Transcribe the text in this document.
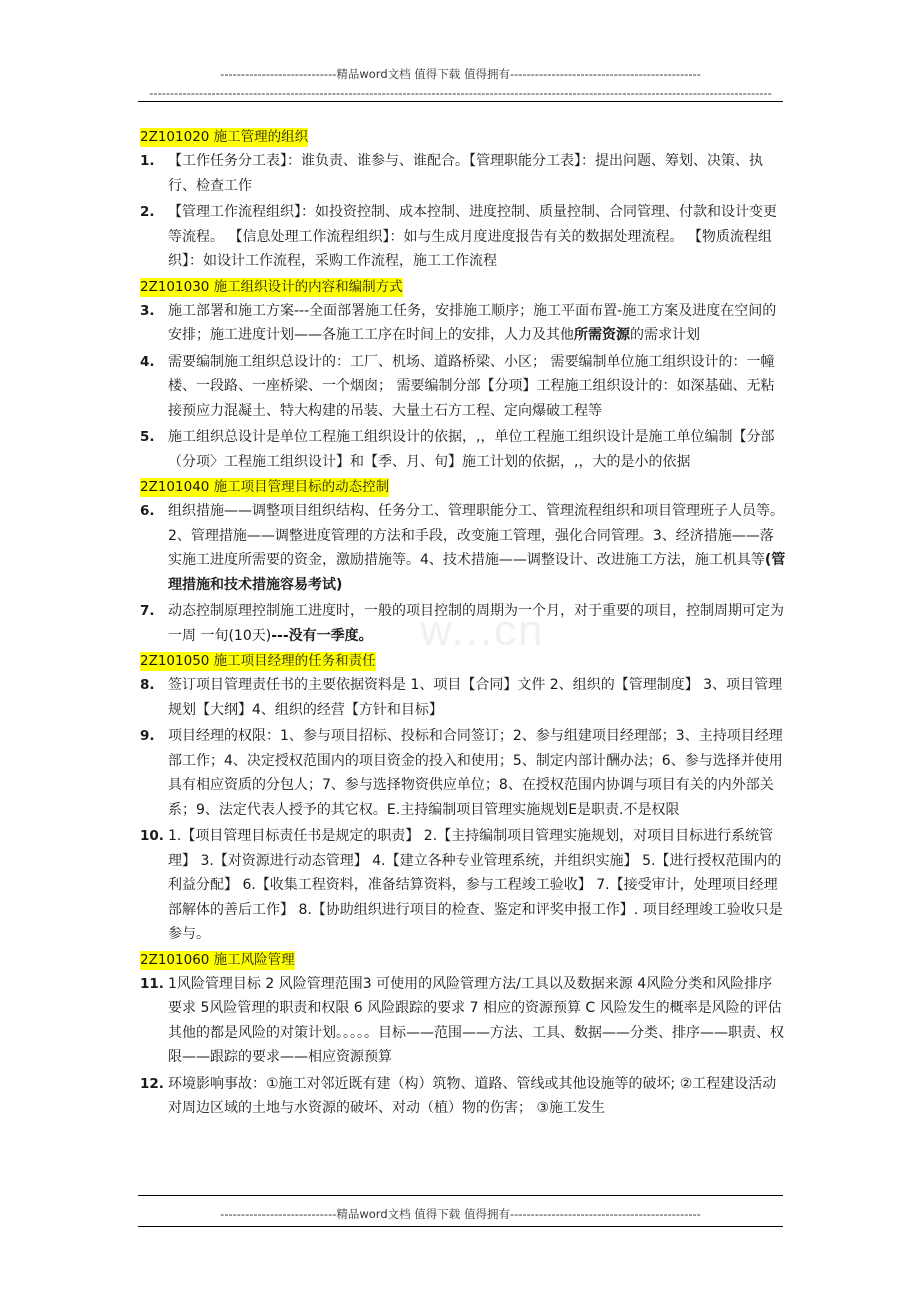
----------------------------精品word文档 值得下载 值得拥有----------------------------------------------
------------------------------------------------------------------------------------------------------------------------------------------------------
w...cn
2Z101020 施工管理的组织
1. 【工作任务分工表】：谁负责、谁参与、谁配合。【管理职能分工表】：提出问题、筹划、决策、执行、检查工作
2. 【管理工作流程组织】：如投资控制、成本控制、进度控制、质量控制、合同管理、付款和设计变更等流程。 【信息处理工作流程组织】：如与生成月度进度报告有关的数据处理流程。 【物质流程组织】：如设计工作流程，采购工作流程，施工工作流程
2Z101030 施工组织设计的内容和编制方式
3. 施工部署和施工方案---全面部署施工任务，安排施工顺序；施工平面布置-施工方案及进度在空间的安排；施工进度计划——各施工工序在时间上的安排，人力及其他所需资源的需求计划
4. 需要编制施工组织总设计的：工厂、机场、道路桥梁、小区； 需要编制单位施工组织设计的：一幢楼、一段路、一座桥梁、一个烟囱； 需要编制分部【分项】工程施工组织设计的：如深基础、无粘接预应力混凝土、特大构建的吊装、大量土石方工程、定向爆破工程等
5. 施工组织总设计是单位工程施工组织设计的依据，,，单位工程施工组织设计是施工单位编制【分部（分项〉工程施工组织设计】和【季、月、旬】施工计划的依据，,，大的是小的依据
2Z101040 施工项目管理目标的动态控制
6. 组织措施——调整项目组织结构、任务分工、管理职能分工、管理流程组织和项目管理班子人员等。2、管理措施——调整进度管理的方法和手段，改变施工管理，强化合同管理。3、经济措施——落实施工进度所需要的资金，激励措施等。4、技术措施——调整设计、改进施工方法，施工机具等(管理措施和技术措施容易考试)
7. 动态控制原理控制施工进度时，一般的项目控制的周期为一个月，对于重要的项目，控制周期可定为 一周 一旬(10天)---没有一季度。
2Z101050 施工项目经理的任务和责任
8. 签订项目管理责任书的主要依据资料是 1、项目【合同】文件 2、组织的【管理制度】 3、项目管理规划【大纲】4、组织的经营【方针和目标】
9. 项目经理的权限：1、参与项目招标、投标和合同签订；2、参与组建项目经理部；3、主持项目经理部工作；4、决定授权范围内的项目资金的投入和使用；5、制定内部计酬办法；6、参与选择并使用具有相应资质的分包人；7、参与选择物资供应单位；8、在授权范围内协调与项目有关的内外部关系；9、法定代表人授予的其它权。E.主持编制项目管理实施规划E是职责.不是权限
10. 1.【项目管理目标责任书是规定的职责】 2.【主持编制项目管理实施规划，对项目目标进行系统管理】 3.【对资源进行动态管理】 4.【建立各种专业管理系统，并组织实施】 5.【进行授权范围内的利益分配】 6.【收集工程资料，准备结算资料，参与工程竣工验收】 7.【接受审计，处理项目经理部解体的善后工作】 8.【协助组织进行项目的检查、鉴定和评奖申报工作】. 项目经理竣工验收只是参与。
2Z101060 施工风险管理
11. 1风险管理目标 2 风险管理范围3 可使用的风险管理方法/工具以及数据来源 4风险分类和风险排序要求 5风险管理的职责和权限 6 风险跟踪的要求 7 相应的资源预算 C 风险发生的概率是风险的评估 其他的都是风险的对策计划。。。。。目标——范围——方法、工具、数据——分类、排序——职责、权限——跟踪的要求——相应资源预算
12. 环境影响事故：①施工对邻近既有建（构）筑物、道路、管线或其他设施等的破坏; ②工程建设活动对周边区域的土地与水资源的破坏、对动（植）物的伤害； ③施工发生
----------------------------精品word文档 值得下载 值得拥有----------------------------------------------
